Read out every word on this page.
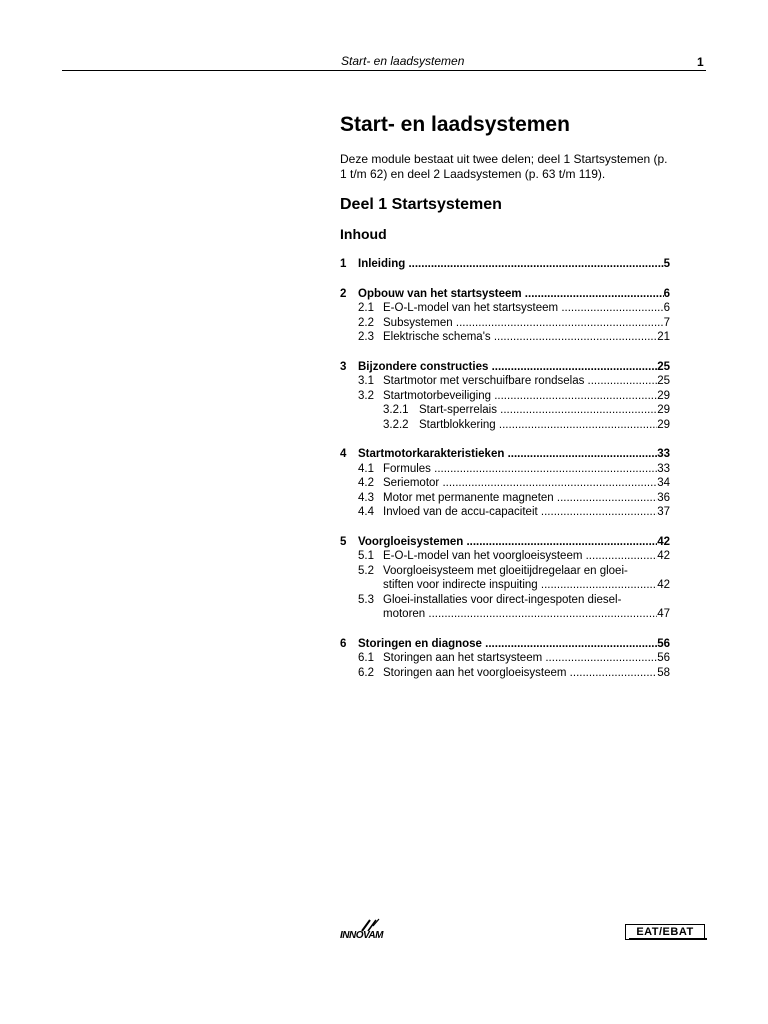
Start- en laadsystemen	1
Start- en laadsystemen

Deze module bestaat uit twee delen; deel 1 Startsystemen (p. 1 t/m 62) en deel 2 Laadsystemen (p. 63 t/m 119).

Deel 1 Startsystemen
Inhoud
1	Inleiding .....	5
2	Opbouw van het startsysteem .....	6
2.1 E-O-L-model van het startsysteem .....	6
2.2 Subsystemen .....	7
2.3 Elektrische schema's .....	21
3	Bijzondere constructies .....	25
3.1 Startmotor met verschuifbare rondselas .....	25
3.2 Startmotorbeveiliging .....	29
3.2.1 Start-sperrelais .....	29
3.2.2 Startblokkering .....	29
4	Startmotorkarakteristieken .....	33
4.1 Formules .....	33
4.2 Seriemotor .....	34
4.3 Motor met permanente magneten .....	36
4.4 Invloed van de accu-capaciteit .....	37
5	Voorgloeisystemen .....	42
5.1 E-O-L-model van het voorgloeisysteem .....	42
5.2 Voorgloeisysteem met gloeitijdregelaar en gloei-
stiften voor indirecte inspuiting .....	42
5.3 Gloei-installaties voor direct-ingespoten diesel-
motoren .....	47
6	Storingen en diagnose .....	56
6.1 Storingen aan het startsysteem .....	56
6.2 Storingen aan het voorgloeisysteem .....	58
INNOVAM	EAT/EBAT
